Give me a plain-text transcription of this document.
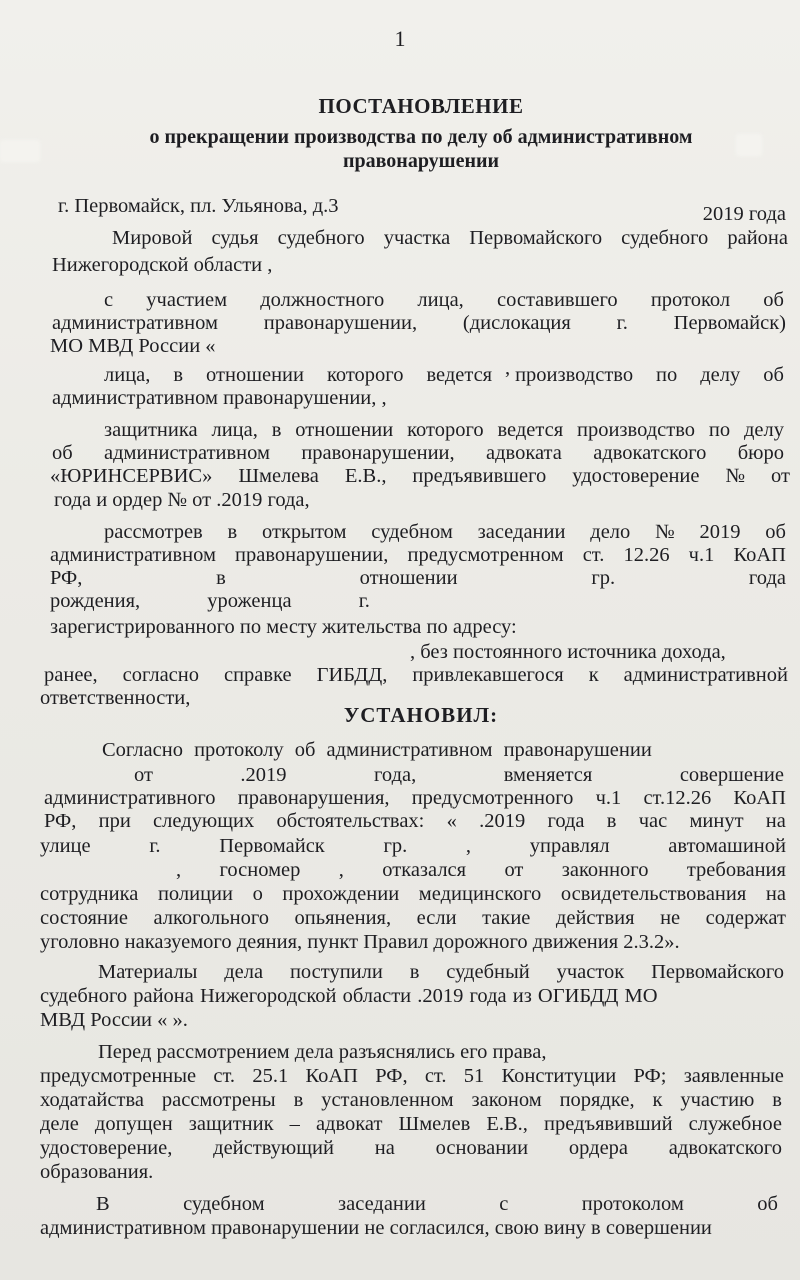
1
ПОСТАНОВЛЕНИЕ
о прекращении производства по делу об административном
правонарушении
г. Первомайск, пл. Ульянова, д.3	2019 года
Мировой судья судебного участка Первомайского судебного района
Нижегородской области ,
с участием должностного лица, составившего протокол об
административном правонарушении, (дислокация г. Первомайск)
МО МВД России «
,
лица, в отношении которого ведется производство по делу об
административном правонарушении, ,
защитника лица, в отношении которого ведется производство по делу
об административном правонарушении, адвоката адвокатского бюро
«ЮРИНСЕРВИС» Шмелева Е.В., предъявившего удостоверение № от
года и ордер № от .2019 года,
рассмотрев в открытом судебном заседании дело № 2019 об
административном правонарушении, предусмотренном ст. 12.26 ч.1 КоАП
РФ,	в	отношении	гр.	года
рождения, уроженца г.
зарегистрированного по месту жительства по адресу:
, без постоянного источника дохода,
ранее, согласно справке ГИБДД, привлекавшегося к административной
ответственности,
УСТАНОВИЛ:
Согласно протоколу об административном правонарушении
от	.2019	года,	вменяется	совершение
административного правонарушения, предусмотренного ч.1 ст.12.26 КоАП
РФ, при следующих обстоятельствах: « .2019 года в час минут на
улице	г.	Первомайск	гр.	,	управлял	автомашиной
, госномер , отказался от законного требования
сотрудника полиции о прохождении медицинского освидетельствования на
состояние алкогольного опьянения, если такие действия не содержат
уголовно наказуемого деяния, пункт Правил дорожного движения 2.3.2».
Материалы дела поступили в судебный участок Первомайского
судебного района Нижегородской области .2019 года из ОГИБДД МО
МВД России « ».
Перед рассмотрением дела разъяснялись его права,
предусмотренные ст. 25.1 КоАП РФ, ст. 51 Конституции РФ; заявленные
ходатайства рассмотрены в установленном законом порядке, к участию в
деле допущен защитник – адвокат Шмелев Е.В., предъявивший служебное
удостоверение, действующий на основании ордера адвокатского
образования.
В	судебном	заседании	с	протоколом	об
административном правонарушении не согласился, свою вину в совершении
